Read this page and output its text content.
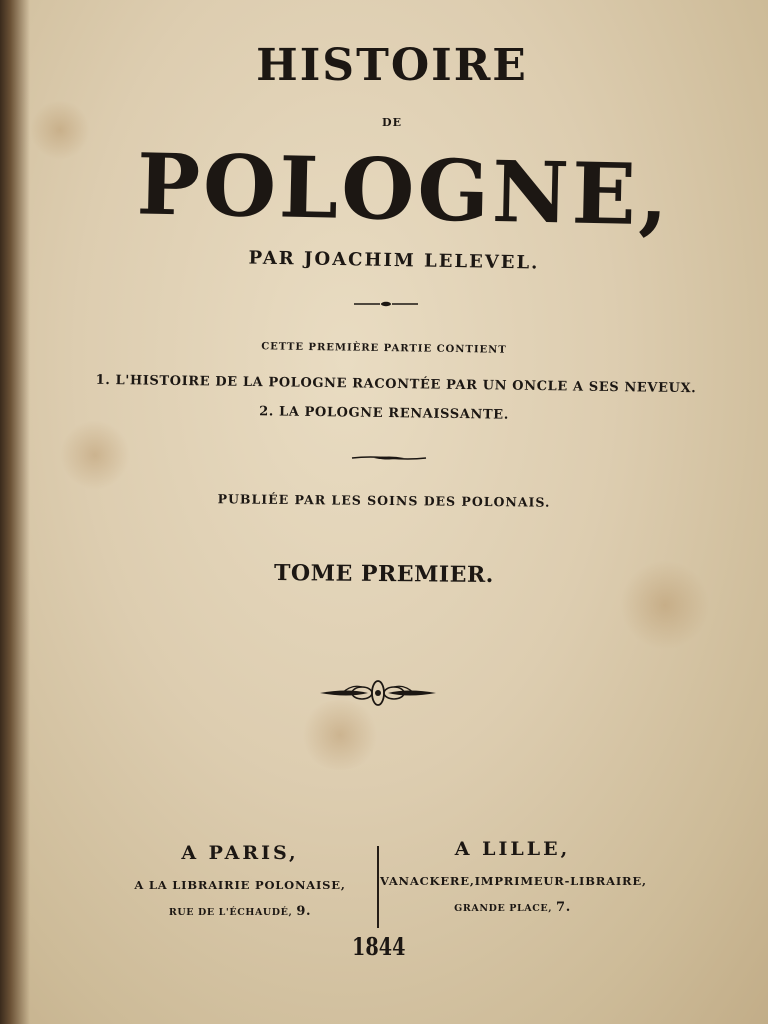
HISTOIRE
DE
POLOGNE,
PAR JOACHIM LELEVEL.
CETTE PREMIÈRE PARTIE CONTIENT
1. L'HISTOIRE DE LA POLOGNE RACONTÉE PAR UN ONCLE A SES NEVEUX.
2. LA POLOGNE RENAISSANTE.
PUBLIÉE PAR LES SOINS DES POLONAIS.
TOME PREMIER.
A PARIS,
A LA LIBRAIRIE POLONAISE,
RUE DE L'ÉCHAUDÉ, 9.
A LILLE,
VANACKERE,IMPRIMEUR-LIBRAIRE,
GRANDE PLACE, 7.
1844
